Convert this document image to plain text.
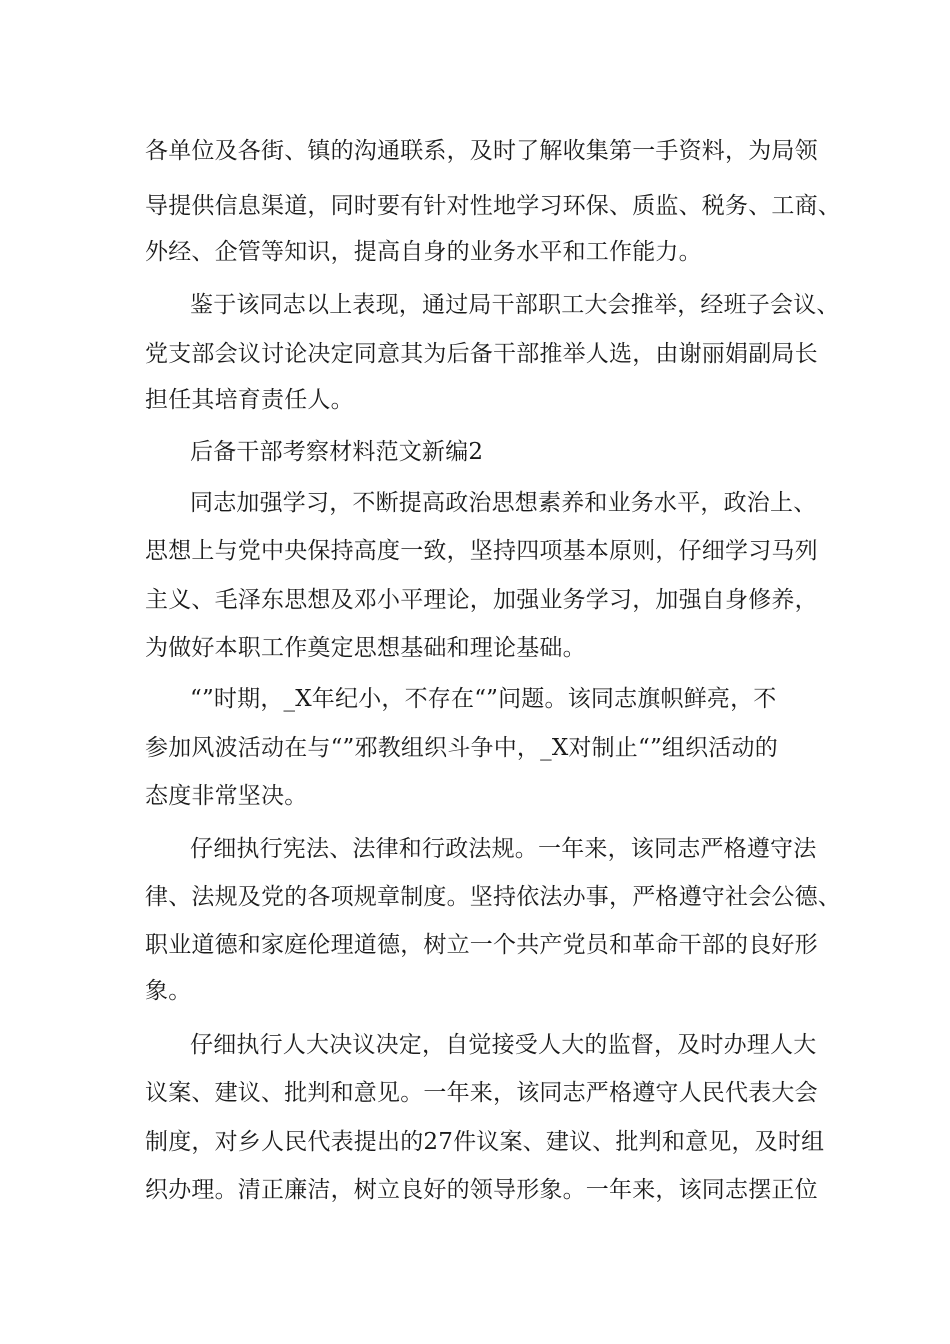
各单位及各街、镇的沟通联系，及时了解收集第一手资料，为局领
导提供信息渠道，同时要有针对性地学习环保、质监、税务、工商、
外经、企管等知识，提高自身的业务水平和工作能力。
鉴于该同志以上表现，通过局干部职工大会推举，经班子会议、
党支部会议讨论决定同意其为后备干部推举人选，由谢丽娟副局长
担任其培育责任人。
后备干部考察材料范文新编2
同志加强学习，不断提高政治思想素养和业务水平，政治上、
思想上与党中央保持高度一致，坚持四项基本原则，仔细学习马列
主义、毛泽东思想及邓小平理论，加强业务学习，加强自身修养，
为做好本职工作奠定思想基础和理论基础。
“”时期，_X年纪小，不存在“”问题。该同志旗帜鲜亮，不
参加风波活动在与“”邪教组织斗争中，_X对制止“”组织活动的
态度非常坚决。
仔细执行宪法、法律和行政法规。一年来，该同志严格遵守法
律、法规及党的各项规章制度。坚持依法办事，严格遵守社会公德、
职业道德和家庭伦理道德，树立一个共产党员和革命干部的良好形
象。
仔细执行人大决议决定，自觉接受人大的监督，及时办理人大
议案、建议、批判和意见。一年来，该同志严格遵守人民代表大会
制度，对乡人民代表提出的27件议案、建议、批判和意见，及时组
织办理。清正廉洁，树立良好的领导形象。一年来，该同志摆正位
